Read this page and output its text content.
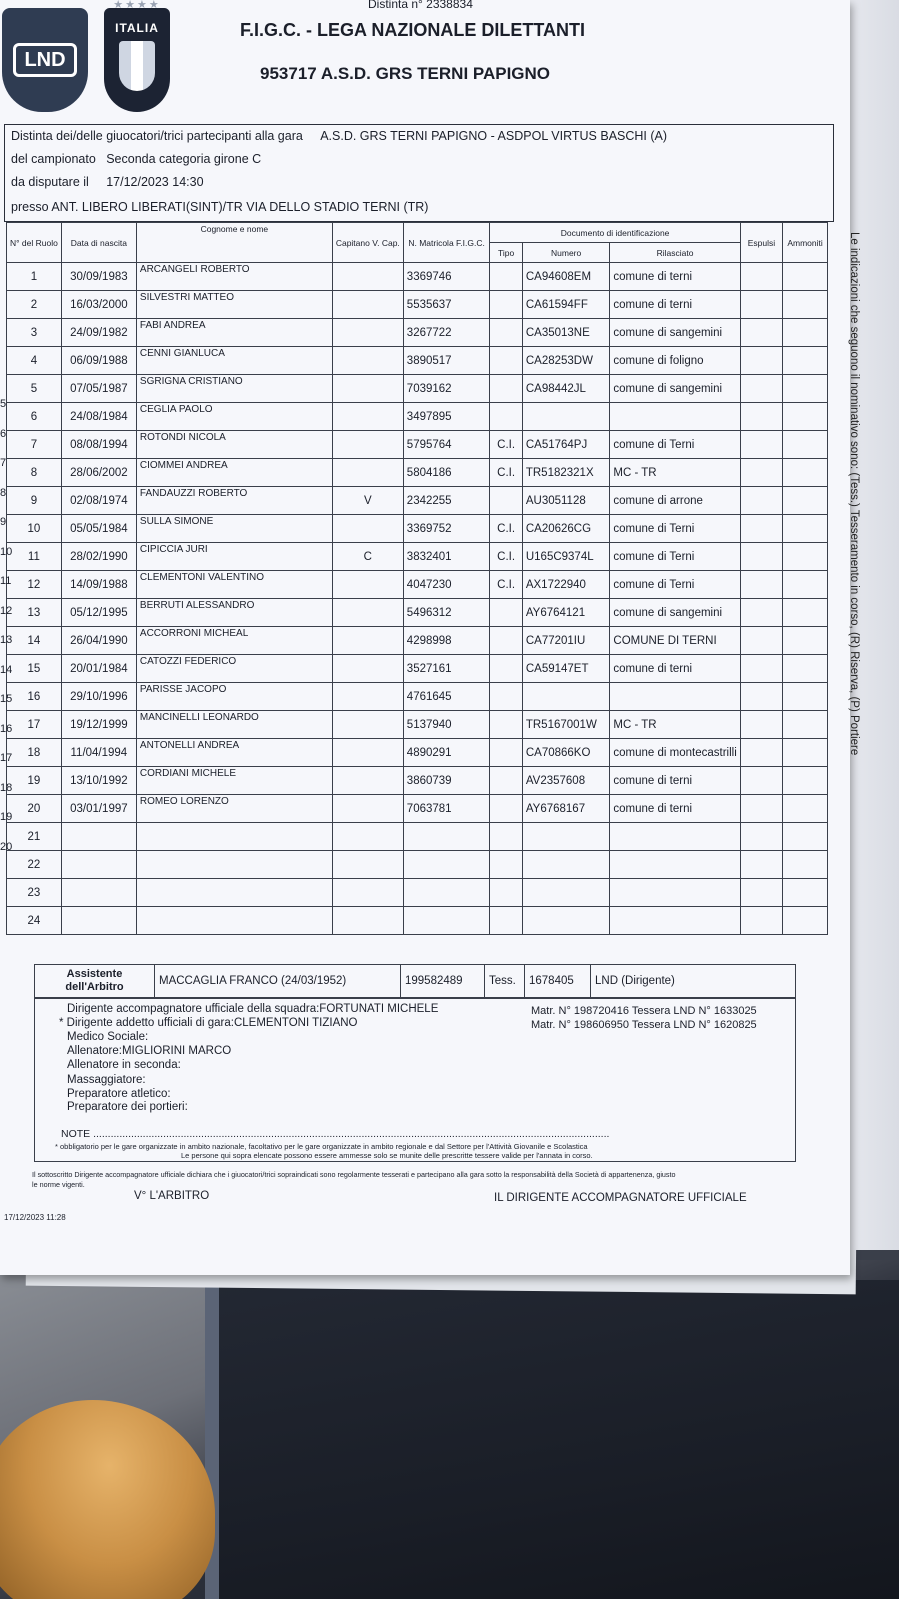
Distinta n° 2338834
LND
★★★★
ITALIA	F.I.G.C. - LEGA NAZIONALE DILETTANTI
953717 A.S.D. GRS TERNI PAPIGNO
Distinta dei/delle giuocatori/trici partecipanti alla gara A.S.D. GRS TERNI PAPIGNO - ASDPOL VIRTUS BASCHI (A)
del campionato Seconda categoria girone C
da disputare il 17/12/2023 14:30
presso ANT. LIBERO LIBERATI(SINT)/TR VIA DELLO STADIO TERNI (TR)
N° del Ruolo	Data di nascita	Cognome e nome	Capitano V. Cap.	N. Matricola F.I.G.C.	Documento di identificazione			Espulsi	Ammoniti
					Tipo	Numero	Rilasciato		
1	30/09/1983	ARCANGELI ROBERTO		3369746		CA94608EM	comune di terni		
2	16/03/2000	SILVESTRI MATTEO		5535637		CA61594FF	comune di terni		
3	24/09/1982	FABI ANDREA		3267722		CA35013NE	comune di sangemini		
4	06/09/1988	CENNI GIANLUCA		3890517		CA28253DW	comune di foligno		
5	07/05/1987	SGRIGNA CRISTIANO		7039162		CA98442JL	comune di sangemini		
6	24/08/1984	CEGLIA PAOLO		3497895					
7	08/08/1994	ROTONDI NICOLA		5795764	C.I.	CA51764PJ	comune di Terni		
8	28/06/2002	CIOMMEI ANDREA		5804186	C.I.	TR5182321X	MC - TR		
9	02/08/1974	FANDAUZZI ROBERTO	V	2342255		AU3051128	comune di arrone		
10	05/05/1984	SULLA SIMONE		3369752	C.I.	CA20626CG	comune di Terni		
11	28/02/1990	CIPICCIA JURI	C	3832401	C.I.	U165C9374L	comune di Terni		
12	14/09/1988	CLEMENTONI VALENTINO		4047230	C.I.	AX1722940	comune di Terni		
13	05/12/1995	BERRUTI ALESSANDRO		5496312		AY6764121	comune di sangemini		
14	26/04/1990	ACCORRONI MICHEAL		4298998		CA77201IU	COMUNE DI TERNI		
15	20/01/1984	CATOZZI FEDERICO		3527161		CA59147ET	comune di terni		
16	29/10/1996	PARISSE JACOPO		4761645					
17	19/12/1999	MANCINELLI LEONARDO		5137940		TR5167001W	MC - TR		
18	11/04/1994	ANTONELLI ANDREA		4890291		CA70866KO	comune di montecastrilli		
19	13/10/1992	CORDIANI MICHELE		3860739		AV2357608	comune di terni		
20	03/01/1997	ROMEO LORENZO		7063781		AY6768167	comune di terni		
21									
22									
23									
24									
5
6
7
8
9
10
11
12
13
14
15
16
17
18
19
20
Assistente dell'Arbitro	MACCAGLIA FRANCO (24/03/1952)	199582489	Tess.	1678405	LND (Dirigente)
Dirigente accompagnatore ufficiale della squadra:FORTUNATI MICHELE	Matr. N° 198720416 Tessera LND N° 1633025
* Dirigente addetto ufficiali di gara:CLEMENTONI TIZIANO	Matr. N° 198606950 Tessera LND N° 1620825
Medico Sociale:
Allenatore:MIGLIORINI MARCO
Allenatore in seconda:
Massaggiatore:
Preparatore atletico:
Preparatore dei portieri:
NOTE .................................................................................................................................................................................
* obbligatorio per le gare organizzate in ambito nazionale, facoltativo per le gare organizzate in ambito regionale e dal Settore per l'Attività Giovanile e Scolastica
Le persone qui sopra elencate possono essere ammesse solo se munite delle prescritte tessere valide per l'annata in corso.
Il sottoscritto Dirigente accompagnatore ufficiale dichiara che i giuocatori/trici sopraindicati sono regolarmente tesserati e partecipano alla gara sotto la responsabilità della Società di appartenenza, giusto
le norme vigenti.
V° L'ARBITRO	IL DIRIGENTE ACCOMPAGNATORE UFFICIALE
17/12/2023 11:28
Le indicazioni che seguono il nominativo sono: (Tess.) Tesseramento in corso, (R) Riserva, (P) Portiere
